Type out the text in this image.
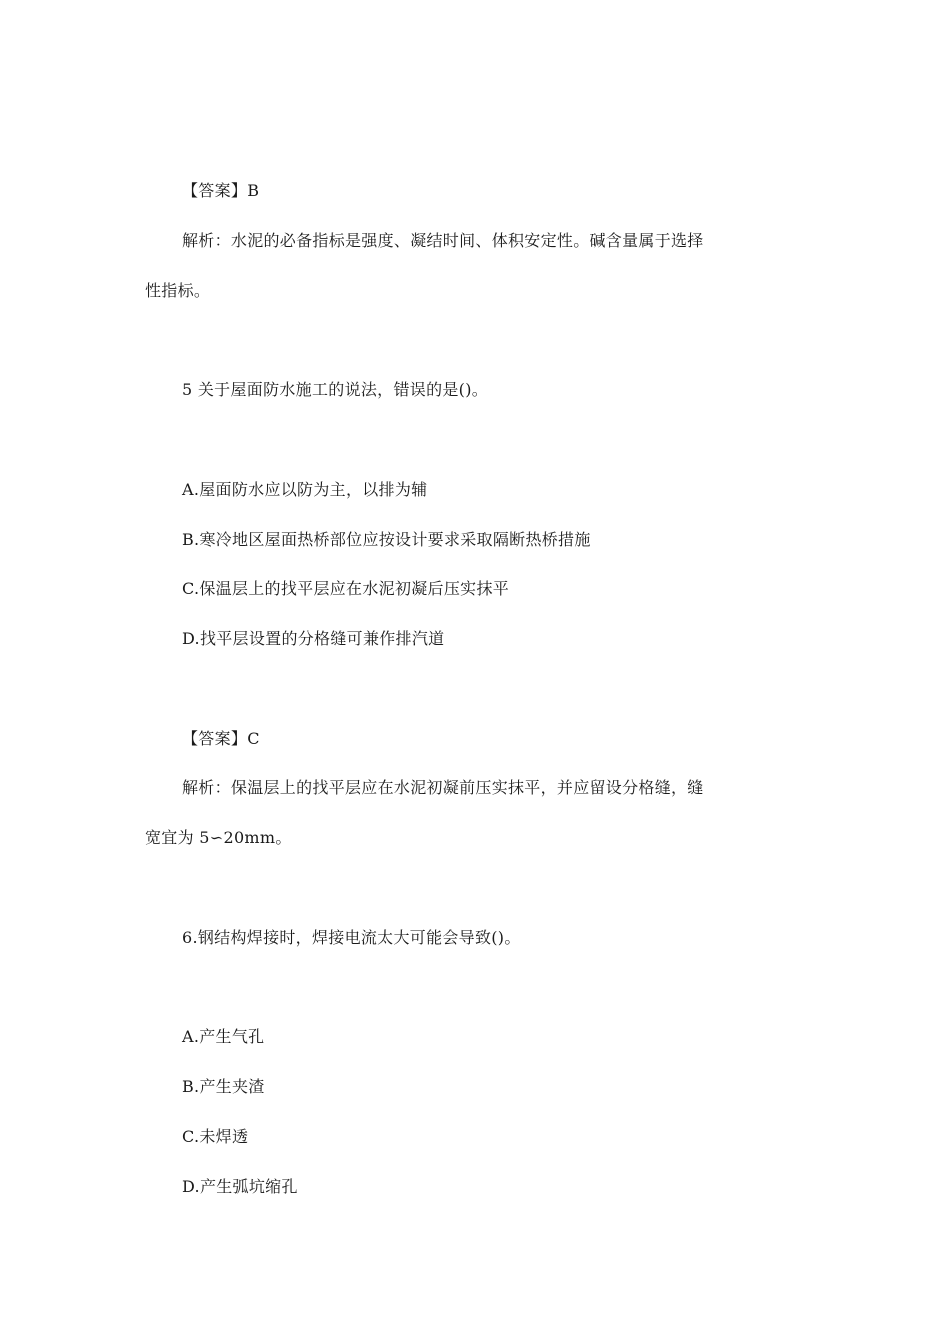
【答案】B
解析：水泥的必备指标是强度、凝结时间、体积安定性。碱含量属于选择
性指标。
5 关于屋面防水施工的说法，错误的是()。
A.屋面防水应以防为主，以排为辅
B.寒冷地区屋面热桥部位应按设计要求采取隔断热桥措施
C.保温层上的找平层应在水泥初凝后压实抹平
D.找平层设置的分格缝可兼作排汽道
【答案】C
解析：保温层上的找平层应在水泥初凝前压实抹平，并应留设分格缝，缝
宽宜为 5∽20mm。
6.钢结构焊接时，焊接电流太大可能会导致()。
A.产生气孔
B.产生夹渣
C.未焊透
D.产生弧坑缩孔
